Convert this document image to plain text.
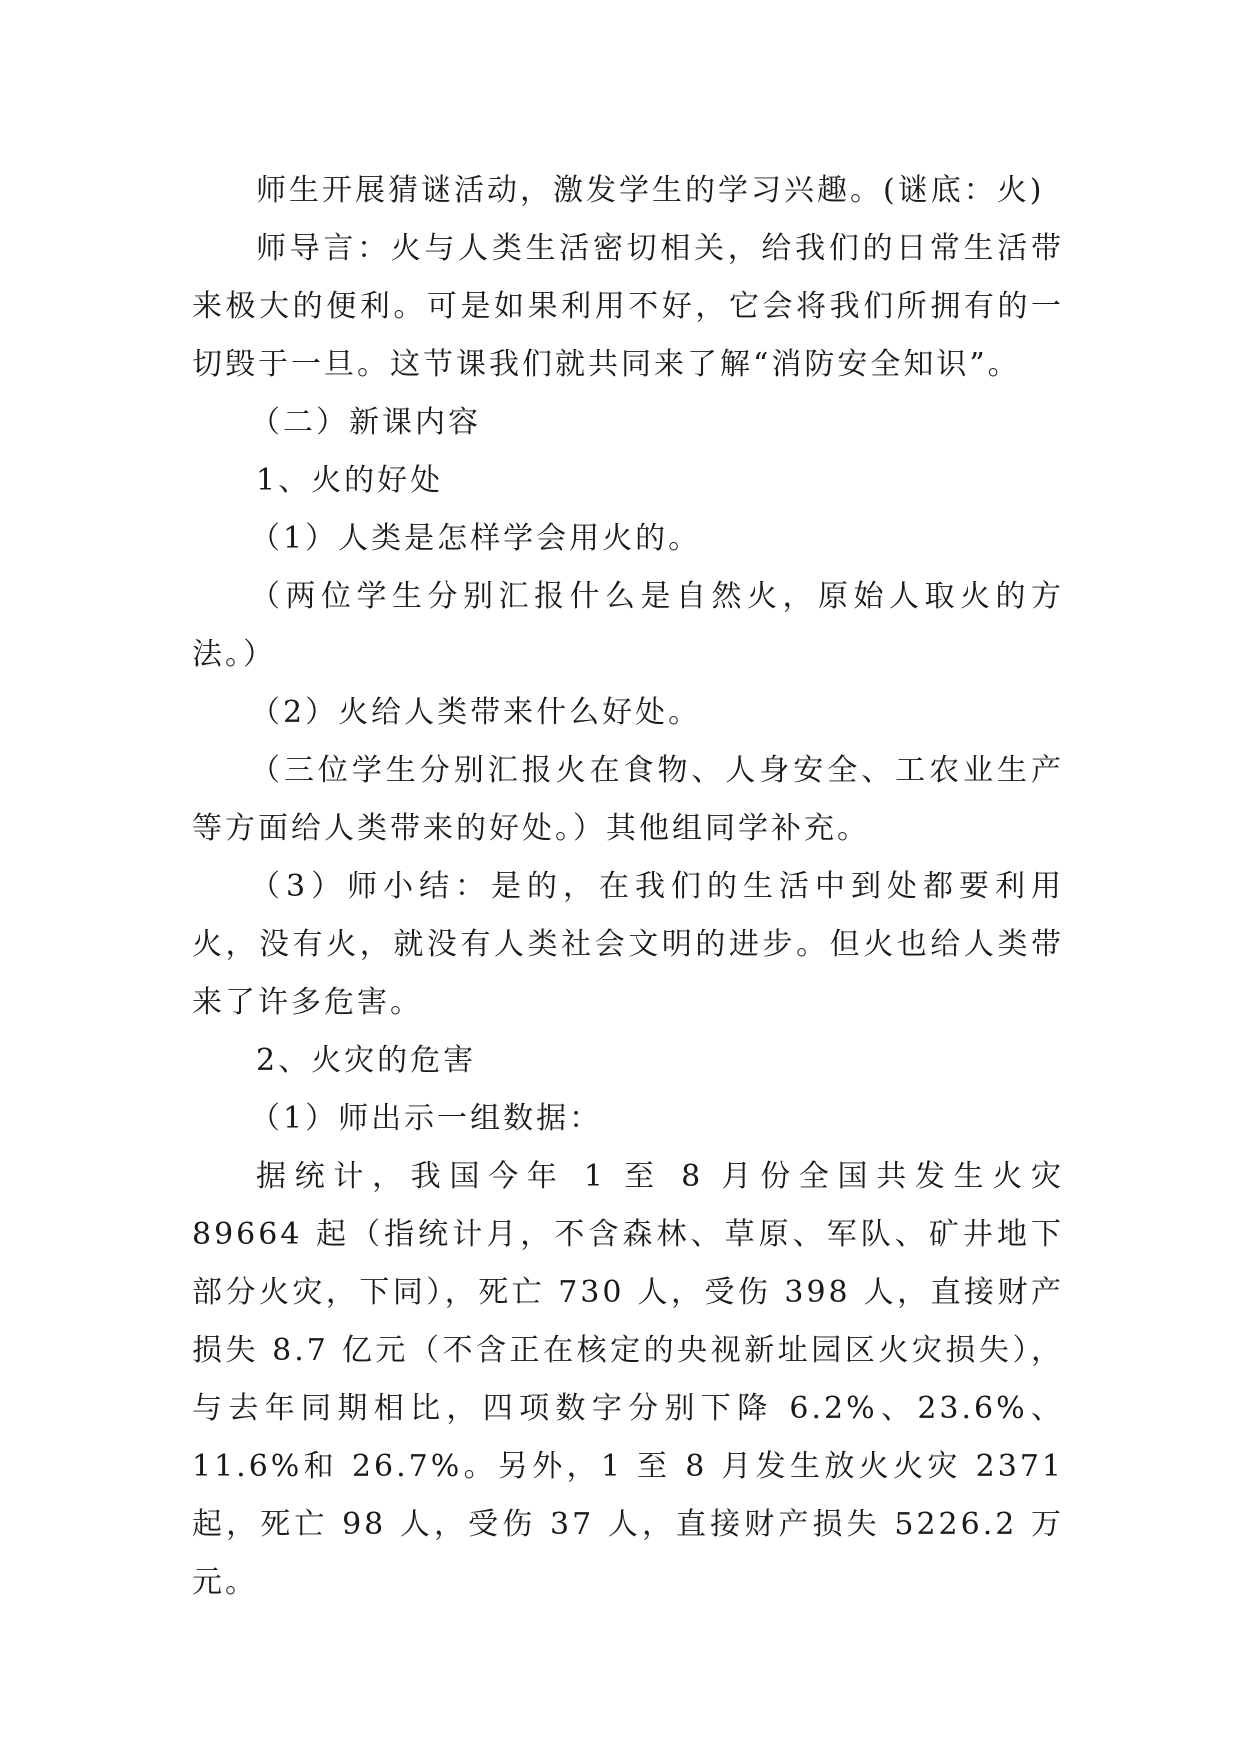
师生开展猜谜活动，激发学生的学习兴趣。(谜底：火)

师导言：火与人类生活密切相关，给我们的日常生活带来极大的便利。可是如果利用不好，它会将我们所拥有的一切毁于一旦。这节课我们就共同来了解“消防安全知识”。

（二）新课内容

1、火的好处

（1）人类是怎样学会用火的。

（两位学生分别汇报什么是自然火，原始人取火的方法。）

（2）火给人类带来什么好处。

（三位学生分别汇报火在食物、人身安全、工农业生产等方面给人类带来的好处。）其他组同学补充。

（3）师小结：是的，在我们的生活中到处都要利用火，没有火，就没有人类社会文明的进步。但火也给人类带来了许多危害。

2、火灾的危害

（1）师出示一组数据：

据统计，我国今年 1 至 8 月份全国共发生火灾 89664 起（指统计月，不含森林、草原、军队、矿井地下部分火灾，下同），死亡 730 人，受伤 398 人，直接财产损失 8.7 亿元（不含正在核定的央视新址园区火灾损失），与去年同期相比，四项数字分别下降 6.2%、23.6%、11.6%和 26.7%。另外，1 至 8 月发生放火火灾 2371 起，死亡 98 人，受伤 37 人，直接财产损失 5226.2 万元。
